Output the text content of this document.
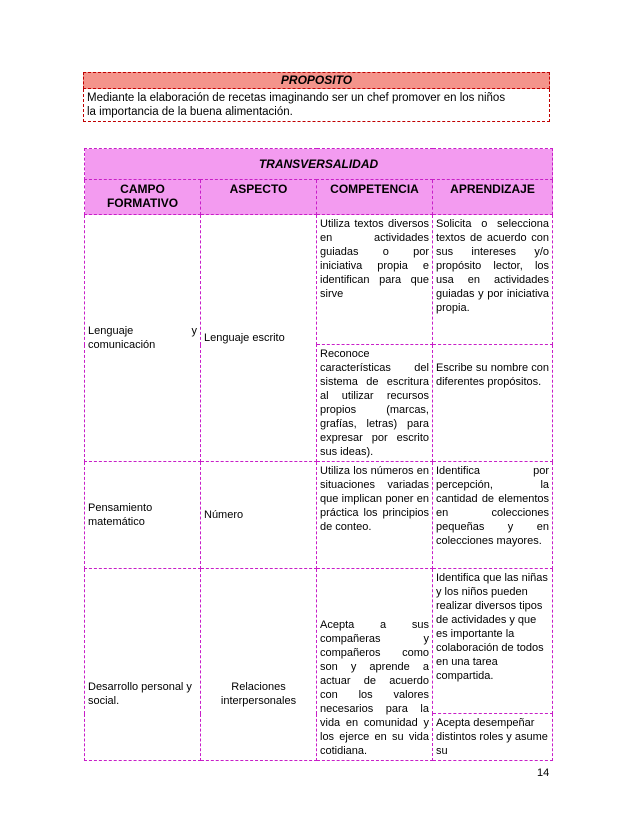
PROPOSITO
Mediante la elaboración de recetas imaginando ser un chef promover en los niños
la importancia de la buena alimentación.
TRANSVERSALIDAD			
CAMPO FORMATIVO	ASPECTO	COMPETENCIA	APRENDIZAJE

Lenguaje y
comunicación	Lenguaje escrito	Utiliza textos diversos en actividades guiadas o por iniciativa propia e identifican para que sirve	Solicita o selecciona textos de acuerdo con sus intereses y/o propósito lector, los usa en actividades guiadas y por iniciativa propia.
		Reconoce características del sistema de escritura al utilizar recursos propios (marcas, grafías, letras) para expresar por escrito sus ideas).	Escribe su nombre con diferentes propósitos.
Pensamiento matemático	Número	Utiliza los números en situaciones variadas que implican poner en práctica los principios de conteo.	Identifica por percepción, la cantidad de elementos en colecciones pequeñas y en colecciones mayores.
Desarrollo personal y social.	Relaciones interpersonales	Acepta a sus compañeras y compañeros como son y aprende a actuar de acuerdo con los valores necesarios para la vida en comunidad y los ejerce en su vida cotidiana.	Identifica que las niñas y los niños pueden realizar diversos tipos de actividades y que es importante la colaboración de todos en una tarea compartida.
			Acepta desempeñar distintos roles y asume su
14
